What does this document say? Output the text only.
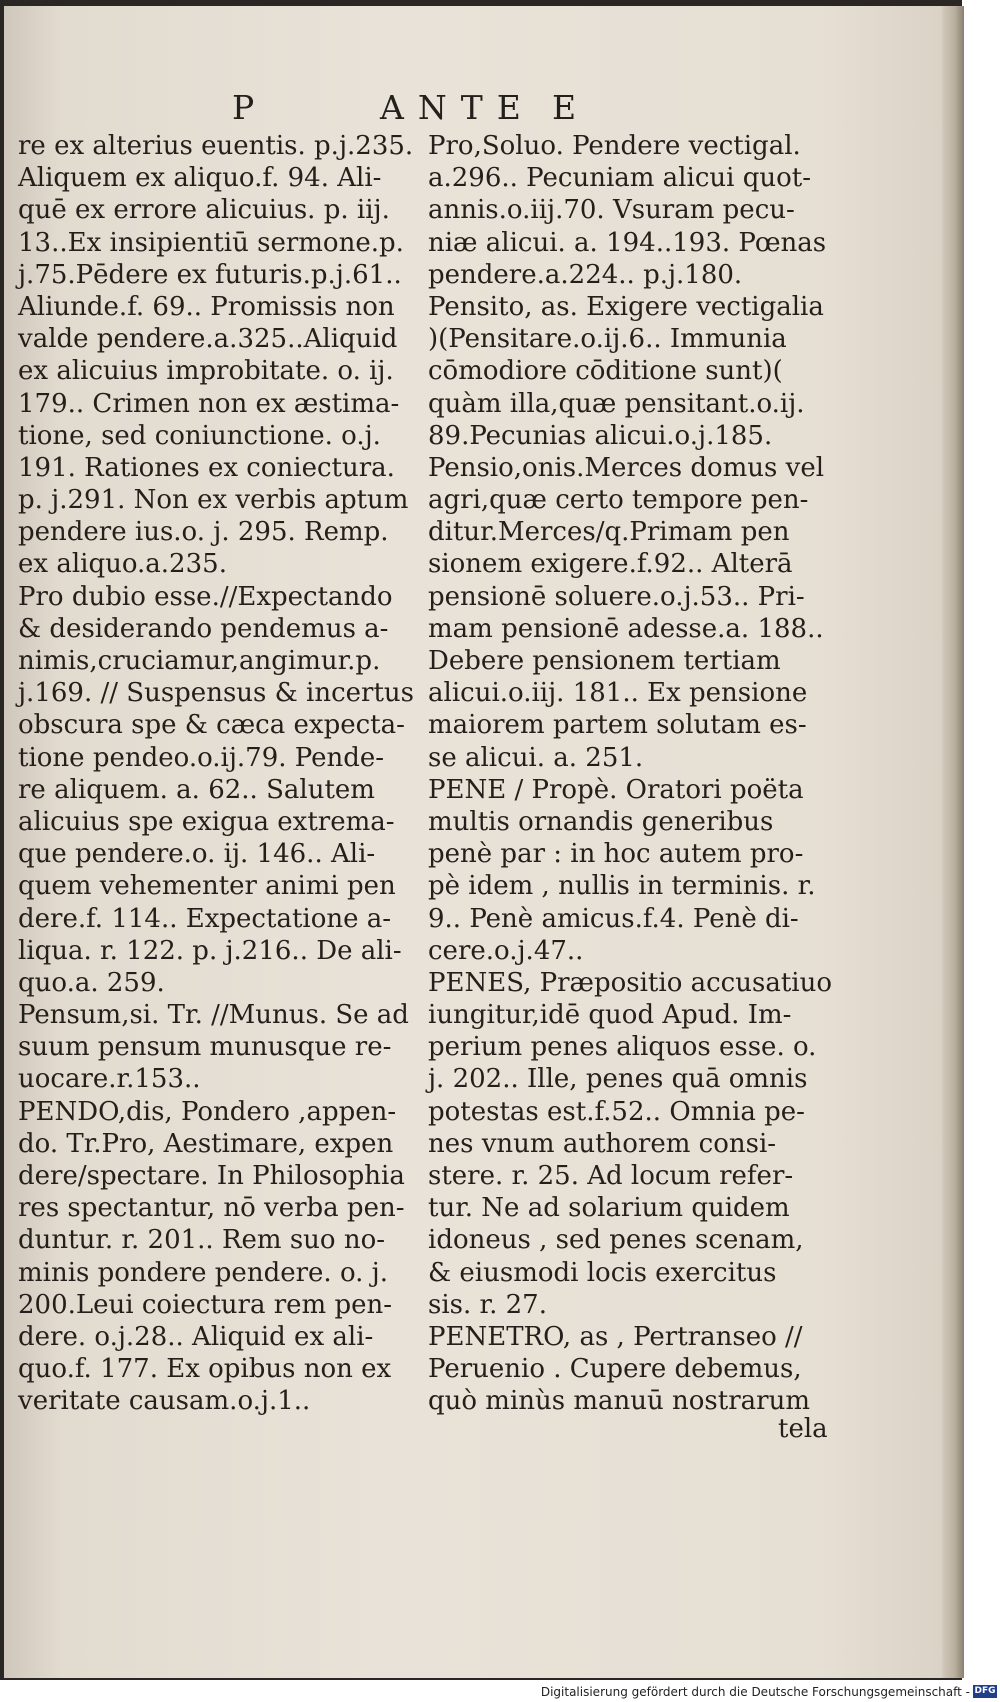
P	ANTE E
re ex alterius euentis. p.j.235.
Aliquem ex aliquo.f. 94. Ali-
quē ex errore alicuius. p. iij.
13..Ex insipientiū sermone.p.
j.75.Pēdere ex futuris.p.j.61..
Aliunde.f. 69.. Promissis non
valde pendere.a.325..Aliquid
ex alicuius improbitate. o. ij.
179.. Crimen non ex æstima-
tione, sed coniunctione. o.j.
191. Rationes ex coniectura.
p. j.291. Non ex verbis aptum
pendere ius.o. j. 295. Remp.
ex aliquo.a.235.
Pro dubio esse.//Expectando
& desiderando pendemus a-
nimis,cruciamur,angimur.p.
j.169. // Suspensus & incertus
obscura spe & cæca expecta-
tione pendeo.o.ij.79. Pende-
re aliquem. a. 62.. Salutem
alicuius spe exigua extrema-
que pendere.o. ij. 146.. Ali-
quem vehementer animi pen
dere.f. 114.. Expectatione a-
liqua. r. 122. p. j.216.. De ali-
quo.a. 259.
Pensum,si. Tr. //Munus. Se ad
suum pensum munusque re-
uocare.r.153..
PENDO,dis, Pondero ,appen-
do. Tr.Pro, Aestimare, expen
dere/spectare. In Philosophia
res spectantur, nō verba pen-
duntur. r. 201.. Rem suo no-
minis pondere pendere. o. j.
200.Leui coiectura rem pen-
dere. o.j.28.. Aliquid ex ali-
quo.f. 177. Ex opibus non ex
veritate causam.o.j.1..
Pro,Soluo. Pendere vectigal.
a.296.. Pecuniam alicui quot-
annis.o.iij.70. Vsuram pecu-
niæ alicui. a. 194..193. Pœnas
pendere.a.224.. p.j.180.
Pensito, as. Exigere vectigalia
)(Pensitare.o.ij.6.. Immunia
cōmodiore cōditione sunt)(
quàm illa,quæ pensitant.o.ij.
89.Pecunias alicui.o.j.185.
Pensio,onis.Merces domus vel
agri,quæ certo tempore pen-
ditur.Merces/q.Primam pen
sionem exigere.f.92.. Alterā
pensionē soluere.o.j.53.. Pri-
mam pensionē adesse.a. 188..
Debere pensionem tertiam
alicui.o.iij. 181.. Ex pensione
maiorem partem solutam es-
se alicui. a. 251.
PENE / Propè. Oratori poëta
multis ornandis generibus
penè par : in hoc autem pro-
pè idem , nullis in terminis. r.
9.. Penè amicus.f.4. Penè di-
cere.o.j.47..
PENES, Præpositio accusatiuo
iungitur,idē quod Apud. Im-
perium penes aliquos esse. o.
j. 202.. Ille, penes quā omnis
potestas est.f.52.. Omnia pe-
nes vnum authorem consi-
stere. r. 25. Ad locum refer-
tur. Ne ad solarium quidem
idoneus , sed penes scenam,
& eiusmodi locis exercitus
sis. r. 27.
PENETRO, as , Pertranseo //
Peruenio . Cupere debemus,
quò minùs manuū nostrarum
tela
Digitalisierung gefördert durch die Deutsche Forschungsgemeinschaft - DFG
